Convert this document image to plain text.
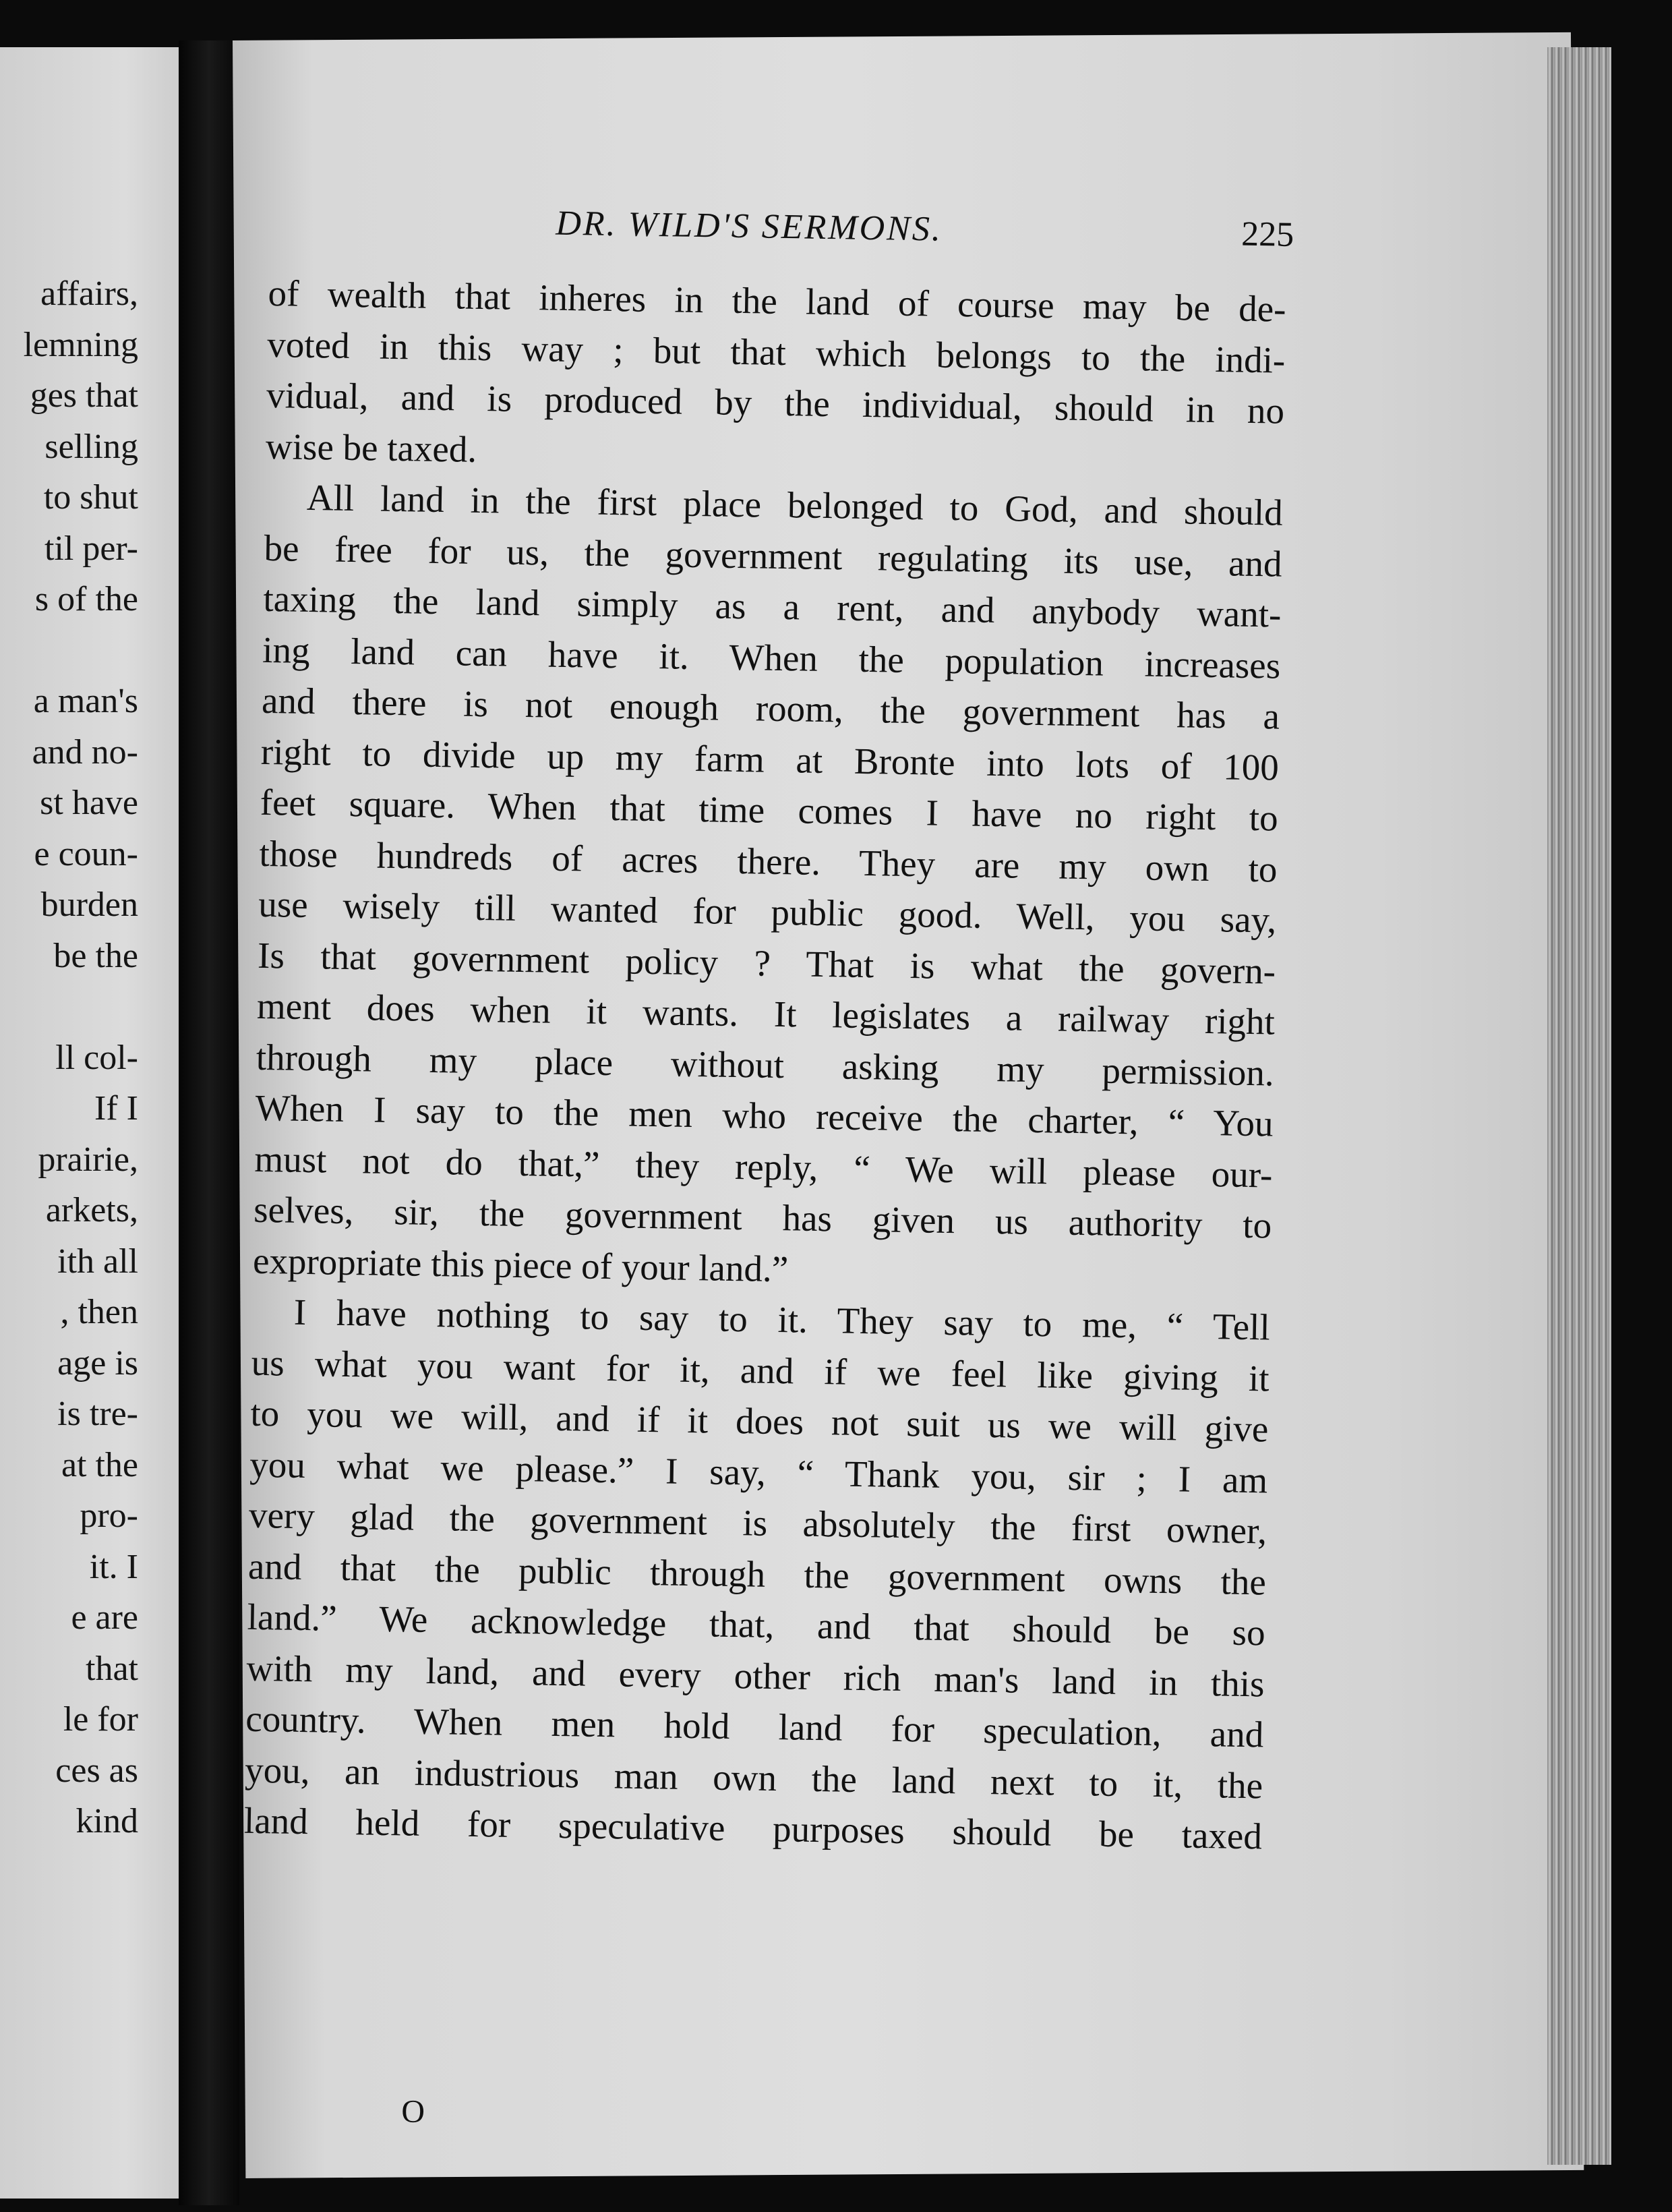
affairs,
lemning
ges that
selling
to shut
til per-
s of the
a man's
and no-
st have
e coun-
burden
be the
ll col-
If I
prairie,
arkets,
ith all
, then
age is
is tre-
at the
pro-
it. I
e are
that
le for
ces as
kind
DR. WILD'S SERMONS.	225
of wealth that inheres in the land of course may be de-
voted in this way ; but that which belongs to the indi-
vidual, and is produced by the individual, should in no
wise be taxed.
All land in the first place belonged to God, and should
be free for us, the government regulating its use, and
taxing the land simply as a rent, and anybody want-
ing land can have it. When the population increases
and there is not enough room, the government has a
right to divide up my farm at Bronte into lots of 100
feet square. When that time comes I have no right to
those hundreds of acres there. They are my own to
use wisely till wanted for public good. Well, you say,
Is that government policy ? That is what the govern-
ment does when it wants. It legislates a railway right
through my place without asking my permission.
When I say to the men who receive the charter, “ You
must not do that,” they reply, “ We will please our-
selves, sir, the government has given us authority to
expropriate this piece of your land.”
I have nothing to say to it. They say to me, “ Tell
us what you want for it, and if we feel like giving it
to you we will, and if it does not suit us we will give
you what we please.” I say, “ Thank you, sir ; I am
very glad the government is absolutely the first owner,
and that the public through the government owns the
land.” We acknowledge that, and that should be so
with my land, and every other rich man's land in this
country. When men hold land for speculation, and
you, an industrious man own the land next to it, the
land held for speculative purposes should be taxed
O
